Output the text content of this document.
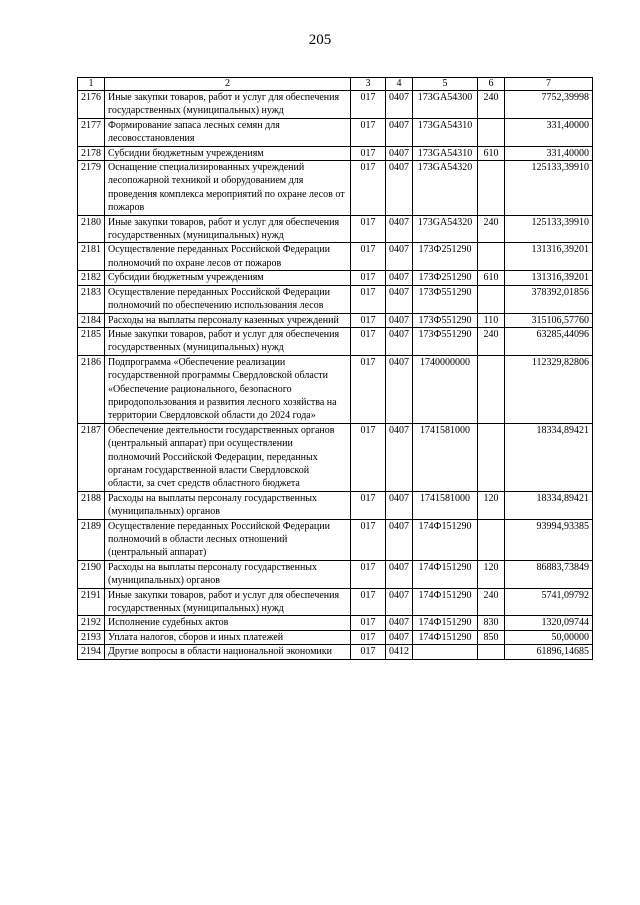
205
1	2	3	4	5	6	7
2176	Иные закупки товаров, работ и услуг для обеспечения государственных (муниципальных) нужд	017	0407	173GA54300	240	7752,39998
2177	Формирование запаса лесных семян для лесовосстановления	017	0407	173GA54310		331,40000
2178	Субсидии бюджетным учреждениям	017	0407	173GA54310	610	331,40000
2179	Оснащение специализированных учреждений лесопожарной техникой и оборудованием для проведения комплекса мероприятий по охране лесов от пожаров	017	0407	173GA54320		125133,39910
2180	Иные закупки товаров, работ и услуг для обеспечения государственных (муниципальных) нужд	017	0407	173GA54320	240	125133,39910
2181	Осуществление переданных Российской Федерации полномочий по охране лесов от пожаров	017	0407	173Ф251290		131316,39201
2182	Субсидии бюджетным учреждениям	017	0407	173Ф251290	610	131316,39201
2183	Осуществление переданных Российской Федерации полномочий по обеспечению использования лесов	017	0407	173Ф551290		378392,01856
2184	Расходы на выплаты персоналу казенных учреждений	017	0407	173Ф551290	110	315106,57760
2185	Иные закупки товаров, работ и услуг для обеспечения государственных (муниципальных) нужд	017	0407	173Ф551290	240	63285,44096
2186	Подпрограмма «Обеспечение реализации государственной программы Свердловской области «Обеспечение рационального, безопасного природопользования и развития лесного хозяйства на территории Свердловской области до 2024 года»	017	0407	1740000000		112329,82806
2187	Обеспечение деятельности государственных органов (центральный аппарат) при осуществлении полномочий Российской Федерации, переданных органам государственной власти Свердловской области, за счет средств областного бюджета	017	0407	1741581000		18334,89421
2188	Расходы на выплаты персоналу государственных (муниципальных) органов	017	0407	1741581000	120	18334,89421
2189	Осуществление переданных Российской Федерации полномочий в области лесных отношений (центральный аппарат)	017	0407	174Ф151290		93994,93385
2190	Расходы на выплаты персоналу государственных (муниципальных) органов	017	0407	174Ф151290	120	86883,73849
2191	Иные закупки товаров, работ и услуг для обеспечения государственных (муниципальных) нужд	017	0407	174Ф151290	240	5741,09792
2192	Исполнение судебных актов	017	0407	174Ф151290	830	1320,09744
2193	Уплата налогов, сборов и иных платежей	017	0407	174Ф151290	850	50,00000
2194	Другие вопросы в области национальной экономики	017	0412			61896,14685
